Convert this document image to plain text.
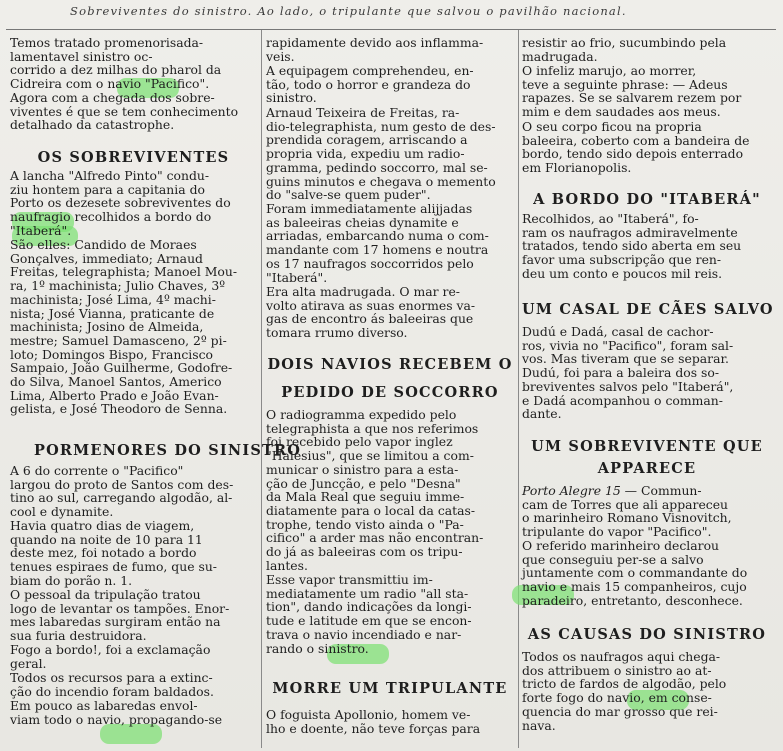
Sobreviventes do sinistro. Ao lado, o tripulante que salvou o pavilhão nacional.
Temos tratado promenorisada-
lamentavel sinistro oc-
corrido a dez milhas do pharol da
Cidreira com o navio "Pacifico".
Agora com a chegada dos sobre-
viventes é que se tem conhecimento
detalhado da catastrophe.
OS SOBREVIVENTES
A lancha "Alfredo Pinto" condu-
ziu hontem para a capitania do
Porto os dezesete sobreviventes do
naufragio recolhidos a bordo do
"Itaberá".
São elles: Candido de Moraes
Gonçalves, immediato; Arnaud
Freitas, telegraphista; Manoel Mou-
ra, 1º machinista; Julio Chaves, 3º
machinista; José Lima, 4º machi-
nista; José Vianna, praticante de
machinista; Josino de Almeida,
mestre; Samuel Damasceno, 2º pi-
loto; Domingos Bispo, Francisco
Sampaio, João Guilherme, Godofre-
do Silva, Manoel Santos, Americo
Lima, Alberto Prado e João Evan-
gelista, e José Theodoro de Senna.
PORMENORES DO SINISTRO
A 6 do corrente o "Pacifico"
largou do proto de Santos com des-
tino ao sul, carregando algodão, al-
cool e dynamite.
Havia quatro dias de viagem,
quando na noite de 10 para 11
deste mez, foi notado a bordo
tenues espiraes de fumo, que su-
biam do porão n. 1.
O pessoal da tripulação tratou
logo de levantar os tampões. Enor-
mes labaredas surgiram então na
sua furia destruidora.
Fogo a bordo!, foi a exclamação
geral.
Todos os recursos para a extinc-
ção do incendio foram baldados.
Em pouco as labaredas envol-
viam todo o navio, propagando-se
rapidamente devido aos inflamma-
veis.
A equipagem comprehendeu, en-
tão, todo o horror e grandeza do
sinistro.
Arnaud Teixeira de Freitas, ra-
dio-telegraphista, num gesto de des-
prendida coragem, arriscando a
propria vida, expediu um radio-
gramma, pedindo soccorro, mal se-
guins minutos e chegava o memento
do "salve-se quem puder".
Foram immediatamente alijjadas
as baleeiras cheias dynamite e
arriadas, embarcando numa o com-
mandante com 17 homens e noutra
os 17 naufragos soccorridos pelo
"Itaberá".
Era alta madrugada. O mar re-
volto atirava as suas enormes va-
gas de encontro ás baleeiras que
tomara rrumo diverso.
DOIS NAVIOS RECEBEM O
PEDIDO DE SOCCORRO
O radiogramma expedido pelo
telegraphista a que nos referimos
foi recebido pelo vapor inglez
"Halesius", que se limitou a com-
municar o sinistro para a esta-
ção de Juncção, e pelo "Desna"
da Mala Real que seguiu imme-
diatamente para o local da catas-
trophe, tendo visto ainda o "Pa-
cifico" a arder mas não encontran-
do já as baleeiras com os tripu-
lantes.
Esse vapor transmittiu im-
mediatamente um radio "all sta-
tion", dando indicações da longi-
tude e latitude em que se encon-
trava o navio incendiado e nar-
rando o sinistro.
MORRE UM TRIPULANTE
O foguista Apollonio, homem ve-
lho e doente, não teve forças para
resistir ao frio, sucumbindo pela
madrugada.
O infeliz marujo, ao morrer,
teve a seguinte phrase: — Adeus
rapazes. Se se salvarem rezem por
mim e dem saudades aos meus.
O seu corpo ficou na propria
baleeira, coberto com a bandeira de
bordo, tendo sido depois enterrado
em Florianopolis.
A BORDO DO "ITABERÁ"
Recolhidos, ao "Itaberá", fo-
ram os naufragos admiravelmente
tratados, tendo sido aberta em seu
favor uma subscripção que ren-
deu um conto e poucos mil reis.
UM CASAL DE CÃES SALVO
Dudú e Dadá, casal de cachor-
ros, vivia no "Pacifico", foram sal-
vos. Mas tiveram que se separar.
Dudú, foi para a baleira dos so-
breviventes salvos pelo "Itaberá",
e Dadá acompanhou o comman-
dante.
UM SOBREVIVENTE QUE
APPARECE
Porto Alegre 15 — Commun-
cam de Torres que ali appareceu
o marinheiro Romano Visnovitch,
tripulante do vapor "Pacifico".
O referido marinheiro declarou
que conseguiu per-se a salvo
juntamente com o commandante do
navio e mais 15 companheiros, cujo
paradeiro, entretanto, desconhece.
AS CAUSAS DO SINISTRO
Todos os naufragos aqui chega-
dos attribuem o sinistro ao at-
tricto de fardos de algodão, pelo
forte fogo do navio, em conse-
quencia do mar grosso que rei-
nava.
